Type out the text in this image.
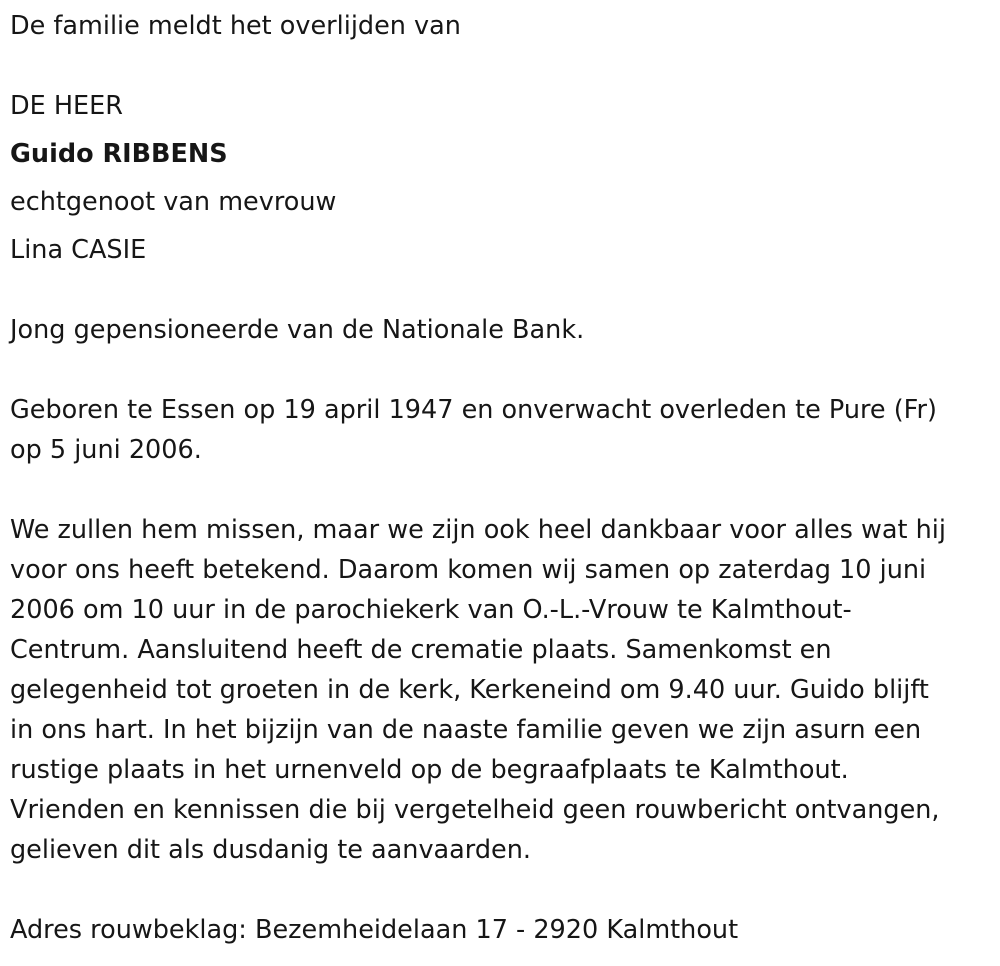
De familie meldt het overlijden van
DE HEER
Guido RIBBENS
echtgenoot van mevrouw
Lina CASIE
Jong gepensioneerde van de Nationale Bank.
Geboren te Essen op 19 april 1947 en onverwacht overleden te Pure (Fr)
op 5 juni 2006.
We zullen hem missen, maar we zijn ook heel dankbaar voor alles wat hij
voor ons heeft betekend. Daarom komen wij samen op zaterdag 10 juni
2006 om 10 uur in de parochiekerk van O.-L.-Vrouw te Kalmthout-
Centrum. Aansluitend heeft de crematie plaats. Samenkomst en
gelegenheid tot groeten in de kerk, Kerkeneind om 9.40 uur. Guido blijft
in ons hart. In het bijzijn van de naaste familie geven we zijn asurn een
rustige plaats in het urnenveld op de begraafplaats te Kalmthout.
Vrienden en kennissen die bij vergetelheid geen rouwbericht ontvangen,
gelieven dit als dusdanig te aanvaarden.
Adres rouwbeklag: Bezemheidelaan 17 - 2920 Kalmthout
